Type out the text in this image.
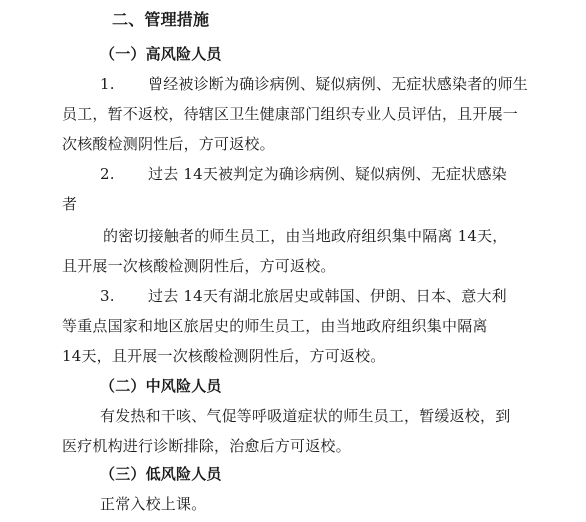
二、管理措施
（一）高风险人员
1. 曾经被诊断为确诊病例、疑似病例、无症状感染者的师生
员工，暂不返校，待辖区卫生健康部门组织专业人员评估，且开展一
次核酸检测阴性后，方可返校。
2. 过去 14天被判定为确诊病例、疑似病例、无症状感染
者
的密切接触者的师生员工，由当地政府组织集中隔离 14天，
且开展一次核酸检测阴性后，方可返校。
3. 过去 14天有湖北旅居史或韩国、伊朗、日本、意大利
等重点国家和地区旅居史的师生员工，由当地政府组织集中隔离
14天，且开展一次核酸检测阴性后，方可返校。
（二）中风险人员
有发热和干咳、气促等呼吸道症状的师生员工，暂缓返校，到
医疗机构进行诊断排除，治愈后方可返校。
（三）低风险人员
正常入校上课。
